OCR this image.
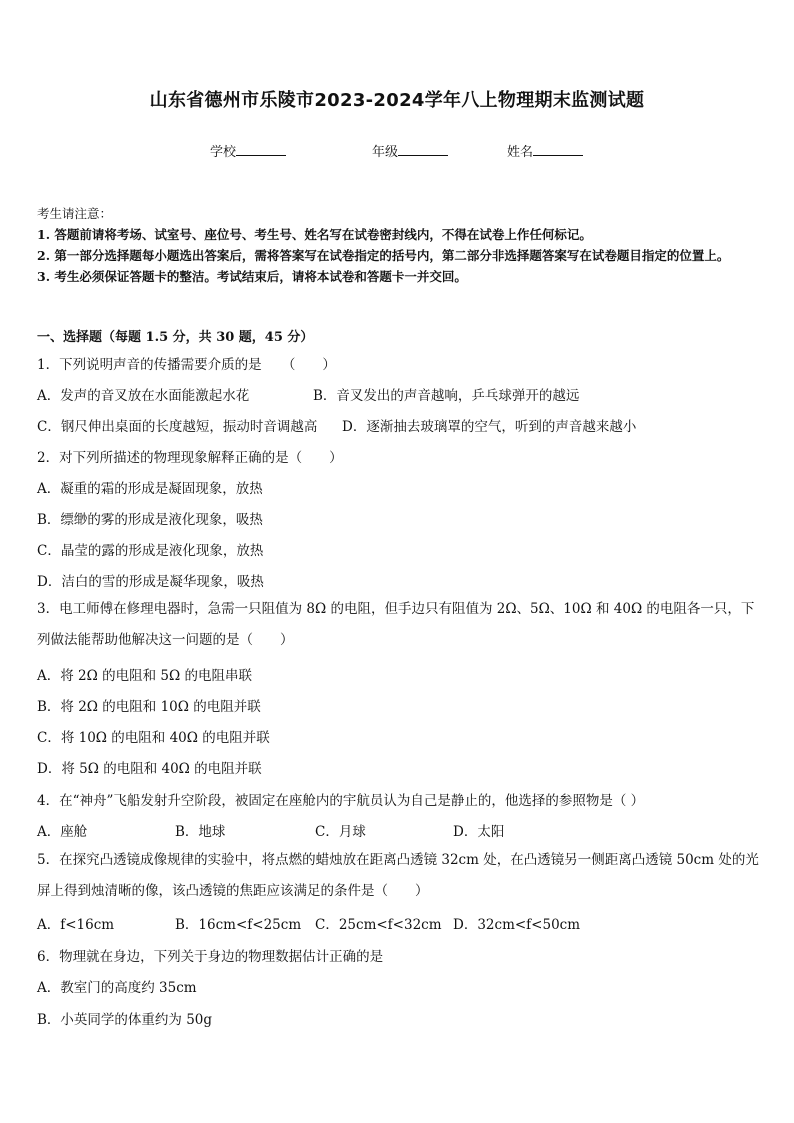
山东省德州市乐陵市2023-2024学年八上物理期末监测试题
学校	年级	姓名
考生请注意：
1. 答题前请将考场、试室号、座位号、考生号、姓名写在试卷密封线内，不得在试卷上作任何标记。
2. 第一部分选择题每小题选出答案后，需将答案写在试卷指定的括号内，第二部分非选择题答案写在试卷题目指定的位置上。
3. 考生必须保证答题卡的整洁。考试结束后，请将本试卷和答题卡一并交回。
一、选择题（每题 1.5 分，共 30 题，45 分）
1．下列说明声音的传播需要介质的是　　（　　）
A．发声的音叉放在水面能激起水花	B．音叉发出的声音越响，乒乓球弹开的越远
C．钢尺伸出桌面的长度越短，振动时音调越高 D．逐渐抽去玻璃罩的空气，听到的声音越来越小
2．对下列所描述的物理现象解释正确的是（　　）
A．凝重的霜的形成是凝固现象，放热
B．缥缈的雾的形成是液化现象，吸热
C．晶莹的露的形成是液化现象，放热
D．洁白的雪的形成是凝华现象，吸热
3．电工师傅在修理电器时，急需一只阻值为 8Ω 的电阻，但手边只有阻值为 2Ω、5Ω、10Ω 和 40Ω 的电阻各一只，下列做法能帮助他解决这一问题的是（　　）
A．将 2Ω 的电阻和 5Ω 的电阻串联
B．将 2Ω 的电阻和 10Ω 的电阻并联
C．将 10Ω 的电阻和 40Ω 的电阻并联
D．将 5Ω 的电阻和 40Ω 的电阻并联
4．在“神舟”飞船发射升空阶段，被固定在座舱内的宇航员认为自己是静止的，他选择的参照物是（ ）
A．座舱	B．地球	C．月球	D．太阳
5．在探究凸透镜成像规律的实验中，将点燃的蜡烛放在距离凸透镜 32cm 处，在凸透镜另一侧距离凸透镜 50cm 处的光屏上得到烛清晰的像，该凸透镜的焦距应该满足的条件是（　　）
A．f<16cm	B．16cm<f<25cm C．25cm<f<32cm D．32cm<f<50cm
6．物理就在身边，下列关于身边的物理数据估计正确的是
A．教室门的高度约 35cm
B．小英同学的体重约为 50g
